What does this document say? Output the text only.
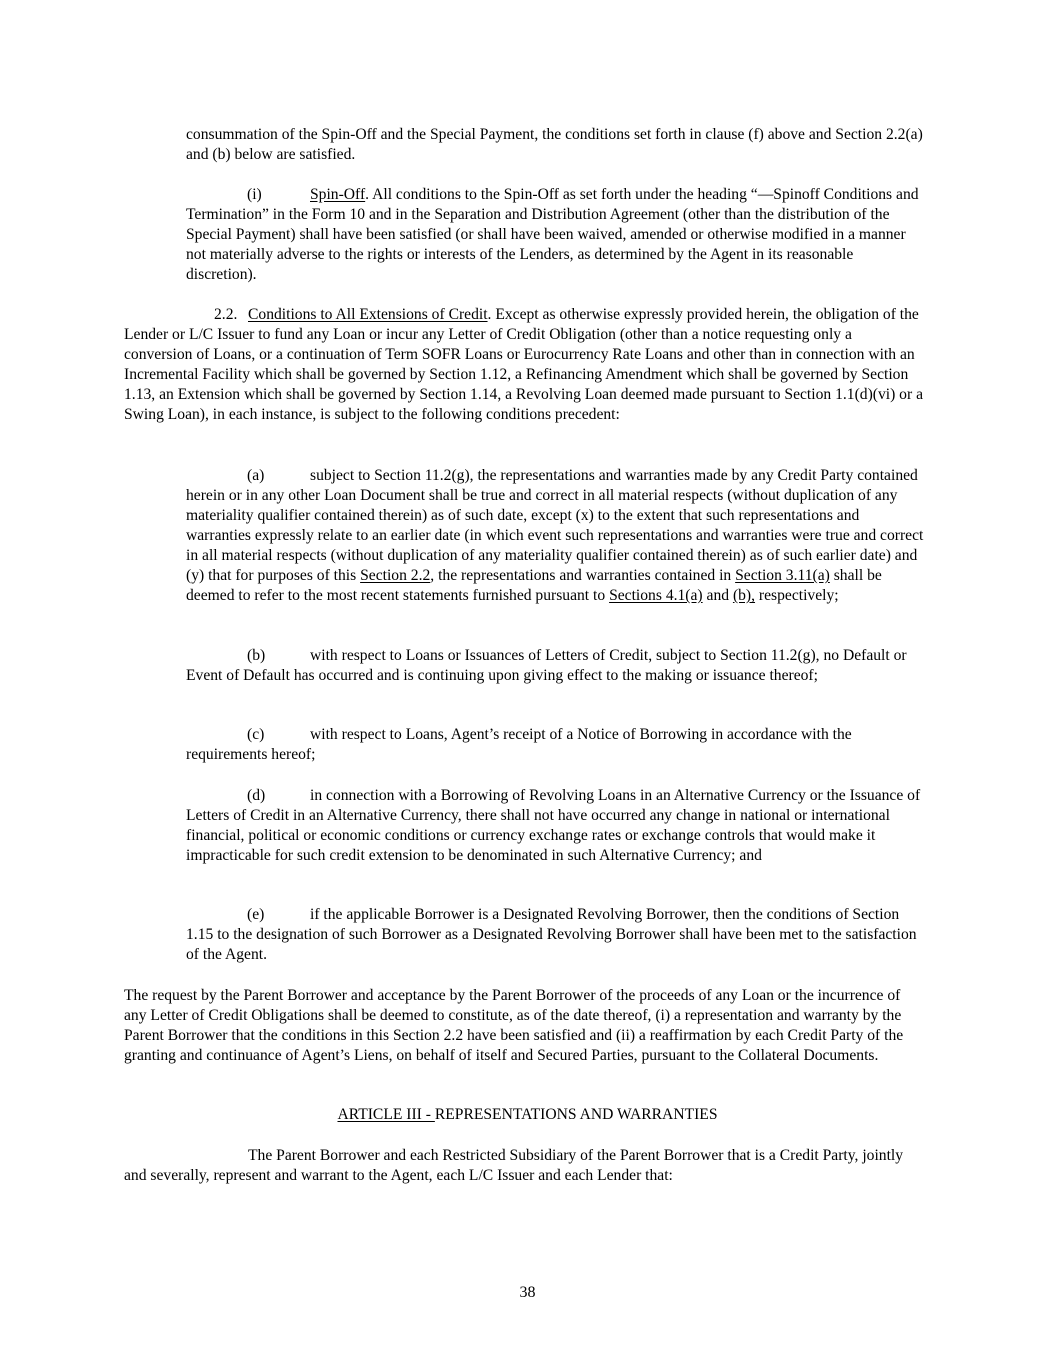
consummation of the Spin-Off and the Special Payment, the conditions set forth in clause (f) above and Section 2.2(a) and (b) below are satisfied.

(i)	Spin-Off. All conditions to the Spin-Off as set forth under the heading “—Spinoff Conditions and Termination” in the Form 10 and in the Separation and Distribution Agreement (other than the distribution of the Special Payment) shall have been satisfied (or shall have been waived, amended or otherwise modified in a manner not materially adverse to the rights or interests of the Lenders, as determined by the Agent in its reasonable discretion).

2.2. Conditions to All Extensions of Credit. Except as otherwise expressly provided herein, the obligation of the Lender or L/C Issuer to fund any Loan or incur any Letter of Credit Obligation (other than a notice requesting only a conversion of Loans, or a continuation of Term SOFR Loans or Eurocurrency Rate Loans and other than in connection with an Incremental Facility which shall be governed by Section 1.12, a Refinancing Amendment which shall be governed by Section 1.13, an Extension which shall be governed by Section 1.14, a Revolving Loan deemed made pursuant to Section 1.1(d)(vi) or a Swing Loan), in each instance, is subject to the following conditions precedent:

(a)	subject to Section 11.2(g), the representations and warranties made by any Credit Party contained herein or in any other Loan Document shall be true and correct in all material respects (without duplication of any materiality qualifier contained therein) as of such date, except (x) to the extent that such representations and warranties expressly relate to an earlier date (in which event such representations and warranties were true and correct in all material respects (without duplication of any materiality qualifier contained therein) as of such earlier date) and (y) that for purposes of this Section 2.2, the representations and warranties contained in Section 3.11(a) shall be deemed to refer to the most recent statements furnished pursuant to Sections 4.1(a) and (b), respectively;

(b)	with respect to Loans or Issuances of Letters of Credit, subject to Section 11.2(g), no Default or Event of Default has occurred and is continuing upon giving effect to the making or issuance thereof;

(c)	with respect to Loans, Agent’s receipt of a Notice of Borrowing in accordance with the requirements hereof;

(d)	in connection with a Borrowing of Revolving Loans in an Alternative Currency or the Issuance of Letters of Credit in an Alternative Currency, there shall not have occurred any change in national or international financial, political or economic conditions or currency exchange rates or exchange controls that would make it impracticable for such credit extension to be denominated in such Alternative Currency; and

(e)	if the applicable Borrower is a Designated Revolving Borrower, then the conditions of Section 1.15 to the designation of such Borrower as a Designated Revolving Borrower shall have been met to the satisfaction of the Agent.

The request by the Parent Borrower and acceptance by the Parent Borrower of the proceeds of any Loan or the incurrence of any Letter of Credit Obligations shall be deemed to constitute, as of the date thereof, (i) a representation and warranty by the Parent Borrower that the conditions in this Section 2.2 have been satisfied and (ii) a reaffirmation by each Credit Party of the granting and continuance of Agent’s Liens, on behalf of itself and Secured Parties, pursuant to the Collateral Documents.

ARTICLE III - REPRESENTATIONS AND WARRANTIES

The Parent Borrower and each Restricted Subsidiary of the Parent Borrower that is a Credit Party, jointly and severally, represent and warrant to the Agent, each L/C Issuer and each Lender that:

38
